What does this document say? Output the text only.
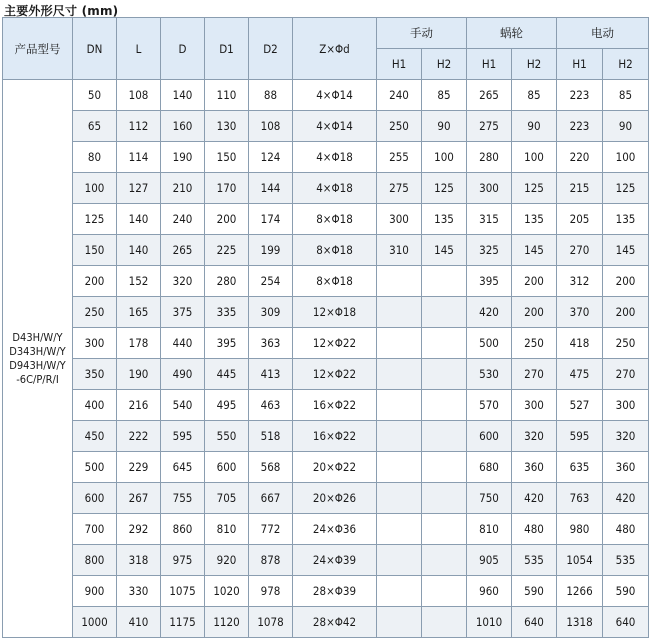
主要外形尺寸 (mm)
产品型号	DN	L	D	D1	D2	Z×Φd	手动		蜗轮		电动	
							H1	H2	H1	H2	H1	H2

D43H/W/Y
D343H/W/Y
D943H/W/Y
-6C/P/R/I	50	108	140	110	88	4×Φ14	240	85	265	85	223	85
	65	112	160	130	108	4×Φ14	250	90	275	90	223	90
	80	114	190	150	124	4×Φ18	255	100	280	100	220	100
	100	127	210	170	144	4×Φ18	275	125	300	125	215	125
	125	140	240	200	174	8×Φ18	300	135	315	135	205	135
	150	140	265	225	199	8×Φ18	310	145	325	145	270	145
	200	152	320	280	254	8×Φ18			395	200	312	200
	250	165	375	335	309	12×Φ18			420	200	370	200
	300	178	440	395	363	12×Φ22			500	250	418	250
	350	190	490	445	413	12×Φ22			530	270	475	270
	400	216	540	495	463	16×Φ22			570	300	527	300
	450	222	595	550	518	16×Φ22			600	320	595	320
	500	229	645	600	568	20×Φ22			680	360	635	360
	600	267	755	705	667	20×Φ26			750	420	763	420
	700	292	860	810	772	24×Φ36			810	480	980	480
	800	318	975	920	878	24×Φ39			905	535	1054	535
	900	330	1075	1020	978	28×Φ39			960	590	1266	590
	1000	410	1175	1120	1078	28×Φ42			1010	640	1318	640
